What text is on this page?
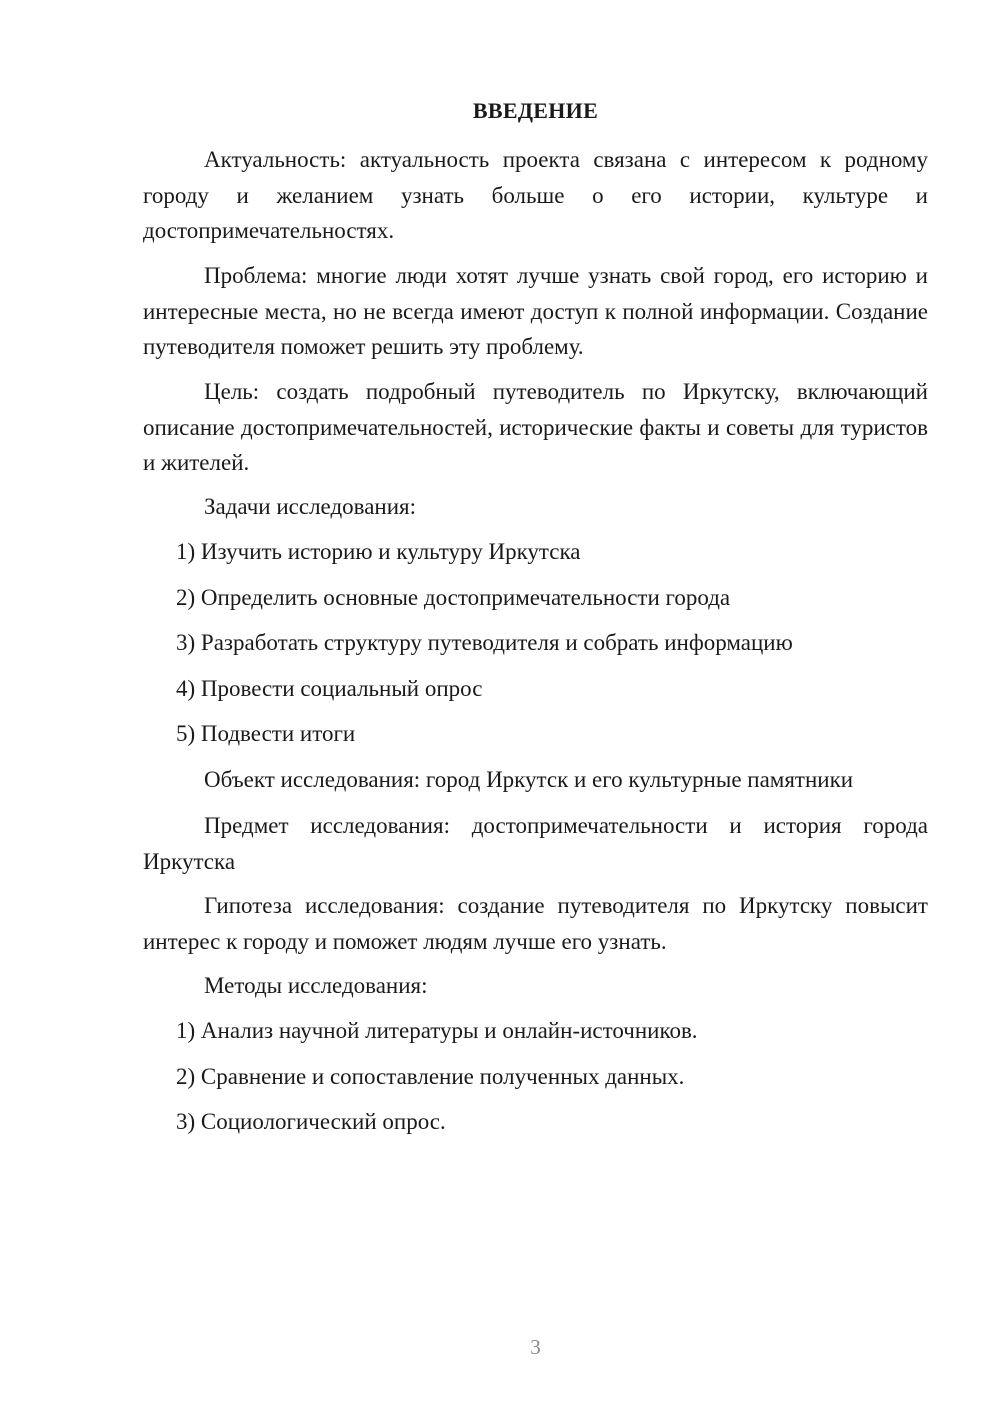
ВВЕДЕНИЕ

Актуальность: актуальность проекта связана с интересом к родному городу и желанием узнать больше о его истории, культуре и достопримечательностях.

Проблема: многие люди хотят лучше узнать свой город, его историю и интересные места, но не всегда имеют доступ к полной информации. Создание путеводителя поможет решить эту проблему.

Цель: создать подробный путеводитель по Иркутску, включающий описание достопримечательностей, исторические факты и советы для туристов и жителей.

Задачи исследования:

1) Изучить историю и культуру Иркутска

2) Определить основные достопримечательности города

3) Разработать структуру путеводителя и собрать информацию

4) Провести социальный опрос

5) Подвести итоги

Объект исследования: город Иркутск и его культурные памятники

Предмет исследования: достопримечательности и история города Иркутска

Гипотеза исследования: создание путеводителя по Иркутску повысит интерес к городу и поможет людям лучше его узнать.

Методы исследования:

1) Анализ научной литературы и онлайн-источников.

2) Сравнение и сопоставление полученных данных.

3) Социологический опрос.

3
